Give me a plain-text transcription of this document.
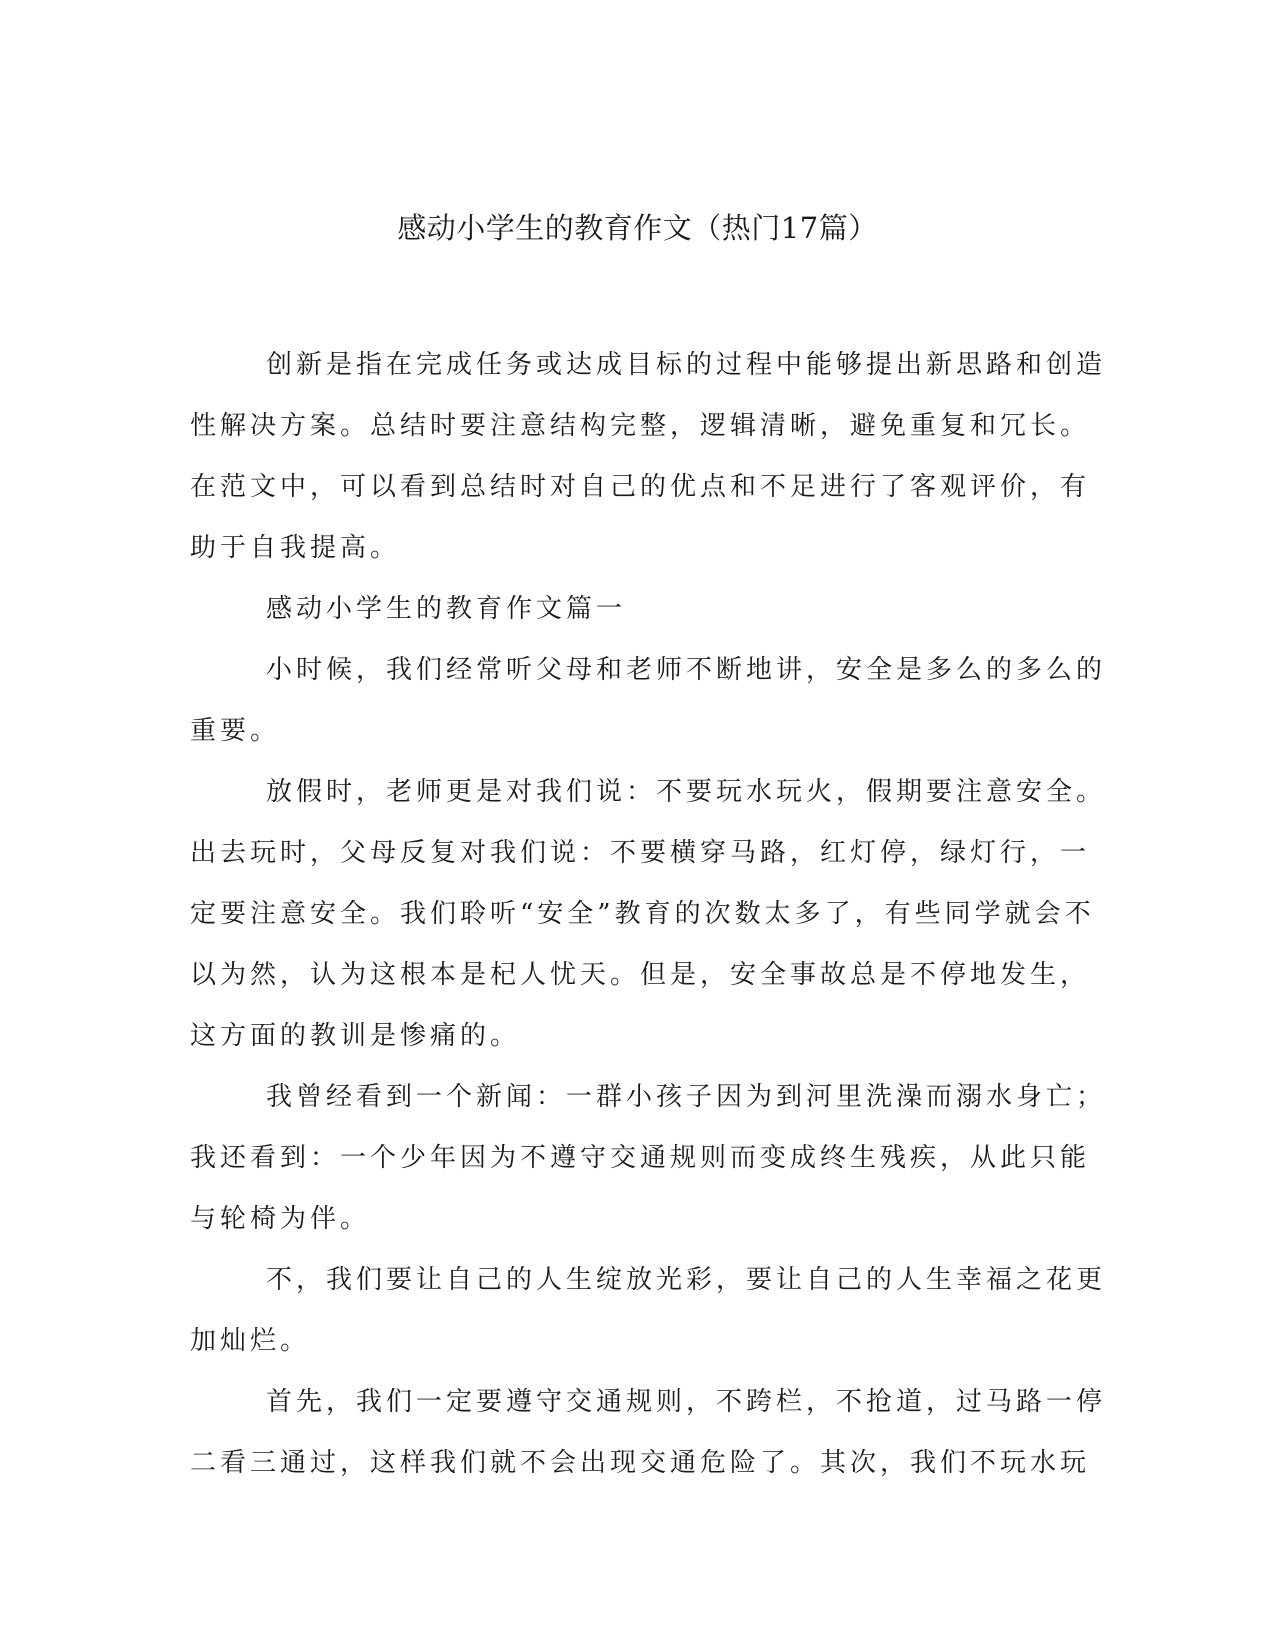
感动小学生的教育作文（热门17篇）
创新是指在完成任务或达成目标的过程中能够提出新思路和创造
性解决方案。总结时要注意结构完整，逻辑清晰，避免重复和冗长。
在范文中，可以看到总结时对自己的优点和不足进行了客观评价，有
助于自我提高。
感动小学生的教育作文篇一
小时候，我们经常听父母和老师不断地讲，安全是多么的多么的
重要。
放假时，老师更是对我们说：不要玩水玩火，假期要注意安全。
出去玩时，父母反复对我们说：不要横穿马路，红灯停，绿灯行，一
定要注意安全。我们聆听“安全”教育的次数太多了，有些同学就会不
以为然，认为这根本是杞人忧天。但是，安全事故总是不停地发生，
这方面的教训是惨痛的。
我曾经看到一个新闻：一群小孩子因为到河里洗澡而溺水身亡；
我还看到：一个少年因为不遵守交通规则而变成终生残疾，从此只能
与轮椅为伴。
不，我们要让自己的人生绽放光彩，要让自己的人生幸福之花更
加灿烂。
首先，我们一定要遵守交通规则，不跨栏，不抢道，过马路一停
二看三通过，这样我们就不会出现交通危险了。其次，我们不玩水玩
